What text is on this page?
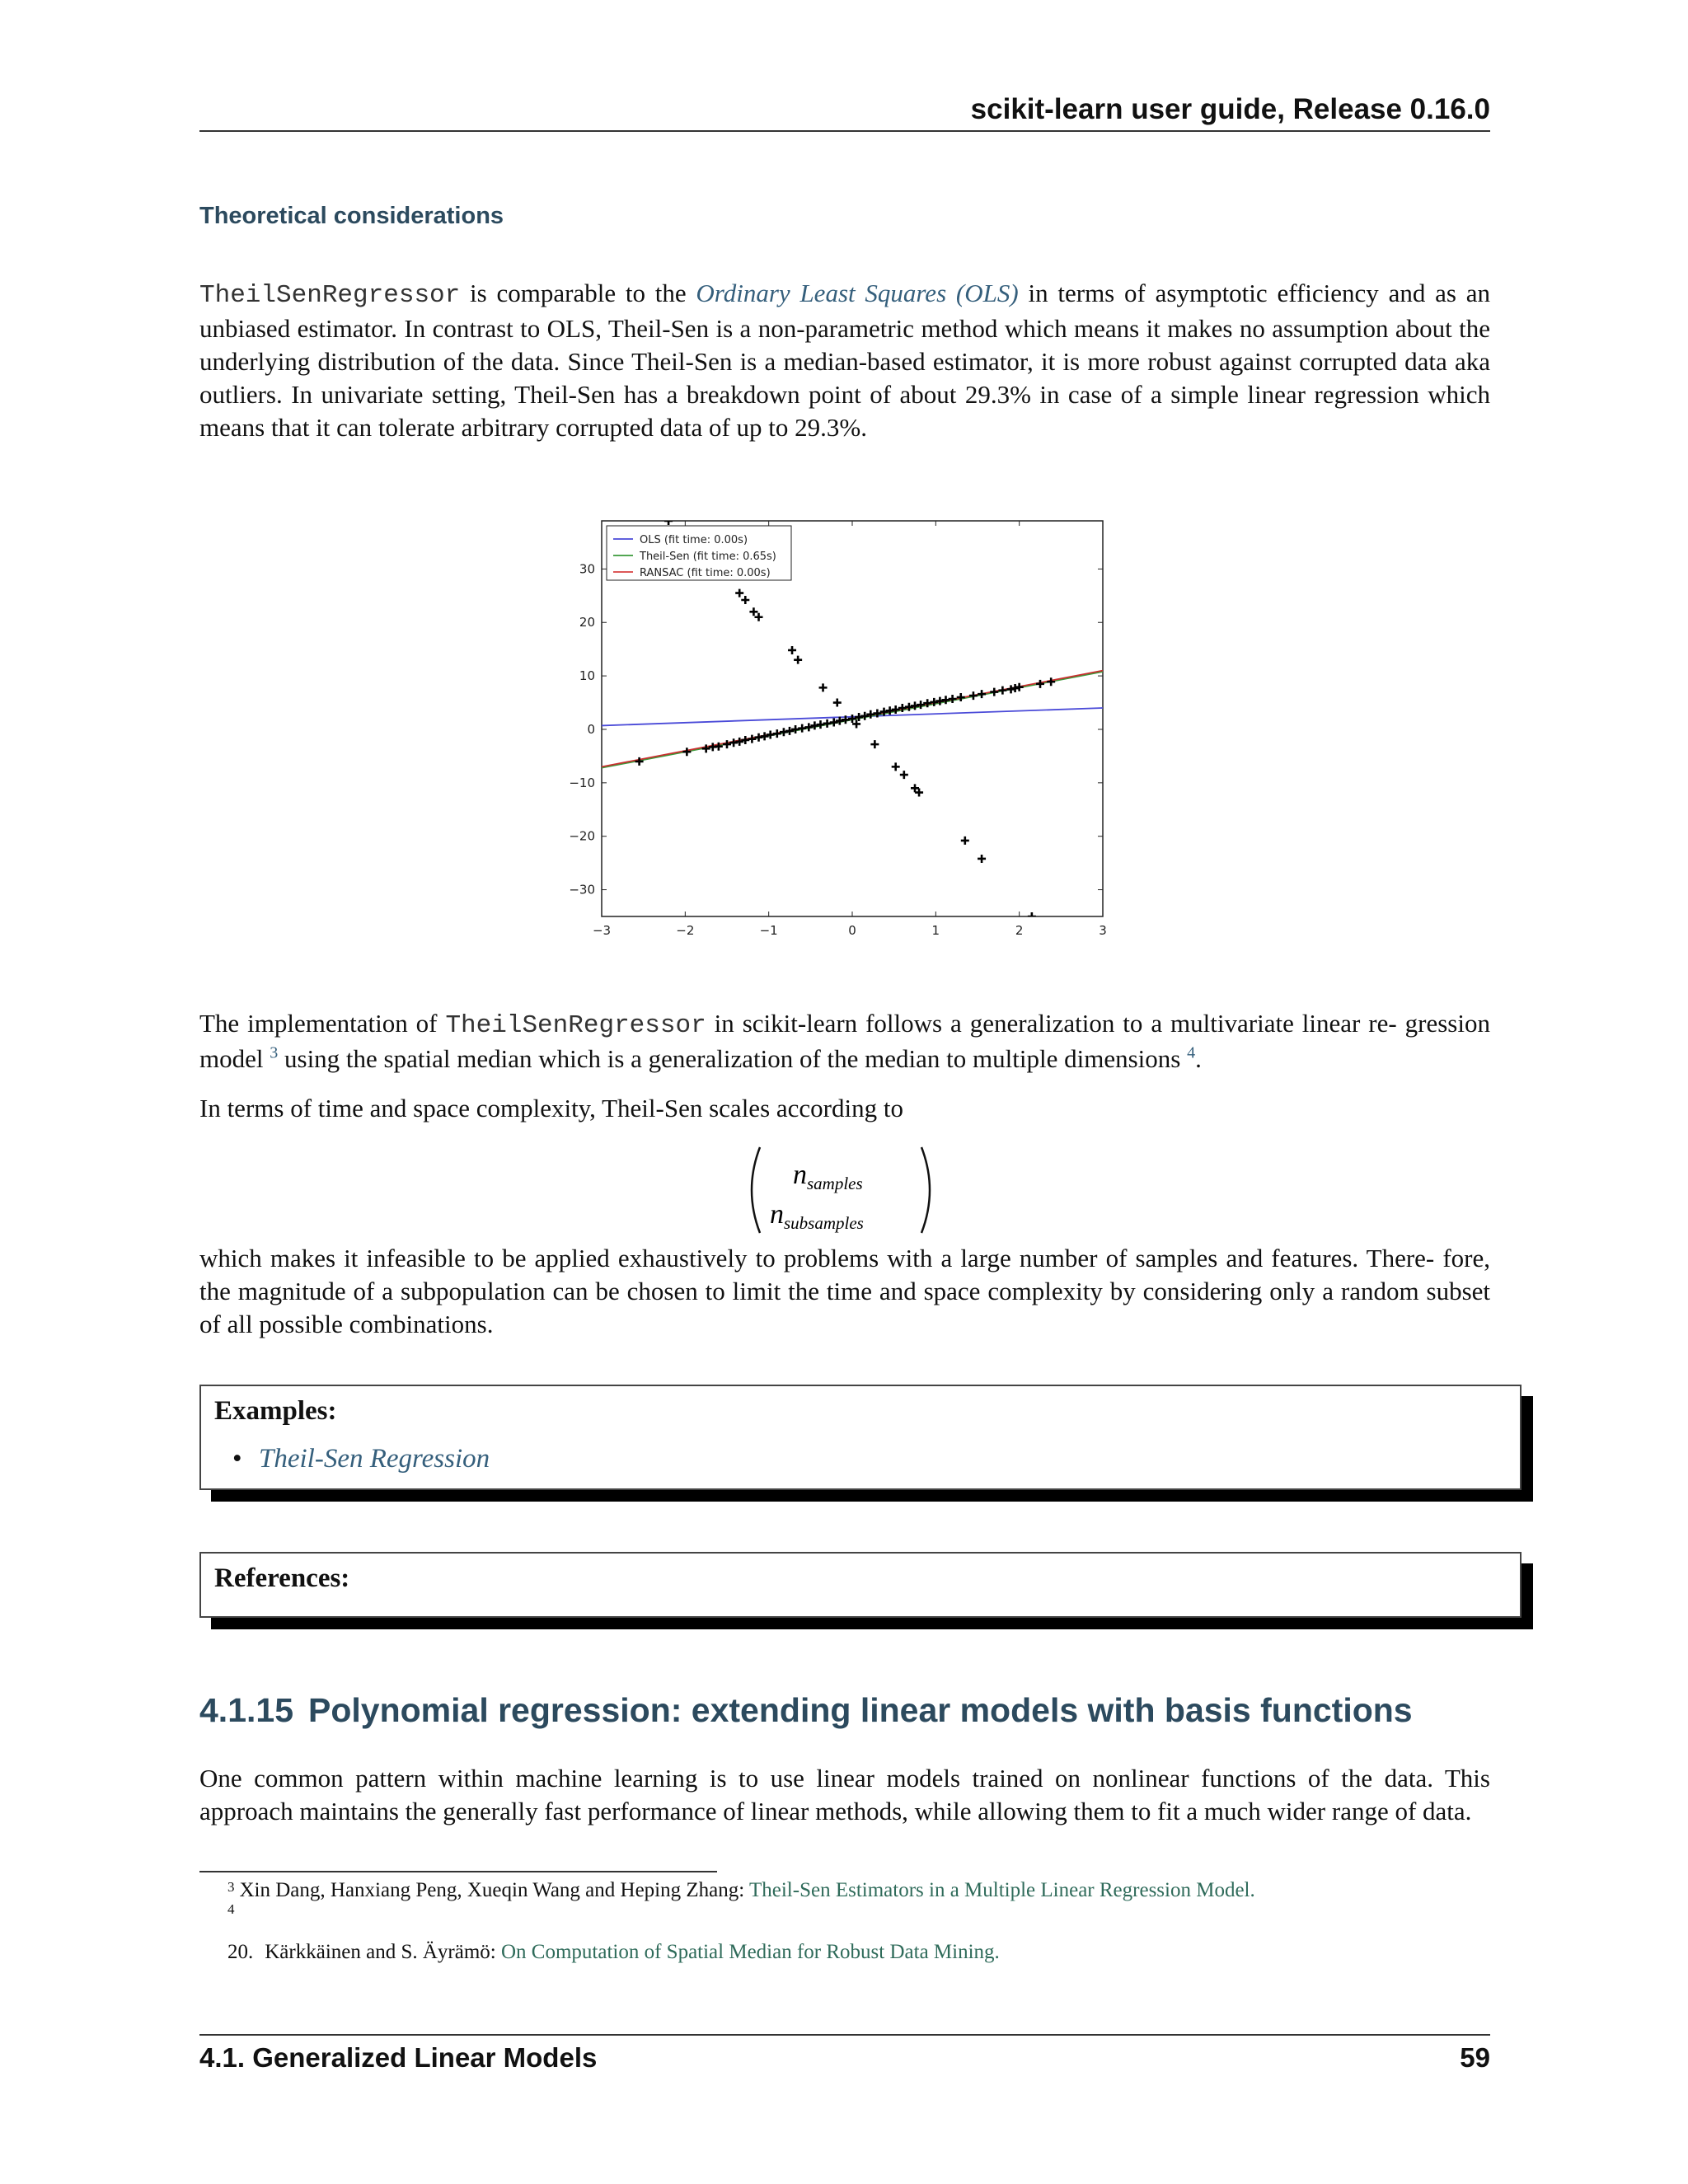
scikit-learn user guide, Release 0.16.0
Theoretical considerations

TheilSenRegressor is comparable to the Ordinary Least Squares (OLS) in terms of asymptotic efficiency and as an unbiased estimator. In contrast to OLS, Theil-Sen is a non-parametric method which means it makes no assumption about the underlying distribution of the data. Since Theil-Sen is a median-based estimator, it is more robust against corrupted data aka outliers. In univariate setting, Theil-Sen has a breakdown point of about 29.3% in case of a simple linear regression which means that it can tolerate arbitrary corrupted data of up to 29.3%.

−3	−2	−1	0	1	2	3
30
20
10
0
−10
−20
−30
OLS (fit time: 0.00s)
Theil-Sen (fit time: 0.65s)
RANSAC (fit time: 0.00s)

The implementation of TheilSenRegressor in scikit-learn follows a generalization to a multivariate linear re- gression model $^3$ using the spatial median which is a generalization of the median to multiple dimensions $^4$.

In terms of time and space complexity, Theil-Sen scales according to

$n_{samples}$
$n_{subsamples}$

which makes it infeasible to be applied exhaustively to problems with a large number of samples and features. There- fore, the magnitude of a subpopulation can be chosen to limit the time and space complexity by considering only a random subset of all possible combinations.

Examples:
• Theil-Sen Regression
References:
4.1.15 Polynomial regression: extending linear models with basis functions

One common pattern within machine learning is to use linear models trained on nonlinear functions of the data. This approach maintains the generally fast performance of linear methods, while allowing them to fit a much wider range of data.

$^3$ Xin Dang, Hanxiang Peng, Xueqin Wang and Heping Zhang: Theil-Sen Estimators in a Multiple Linear Regression Model.
$^4$
20. Kärkkäinen and S. Äyrämö: On Computation of Spatial Median for Robust Data Mining.
4.1. Generalized Linear Models	59
